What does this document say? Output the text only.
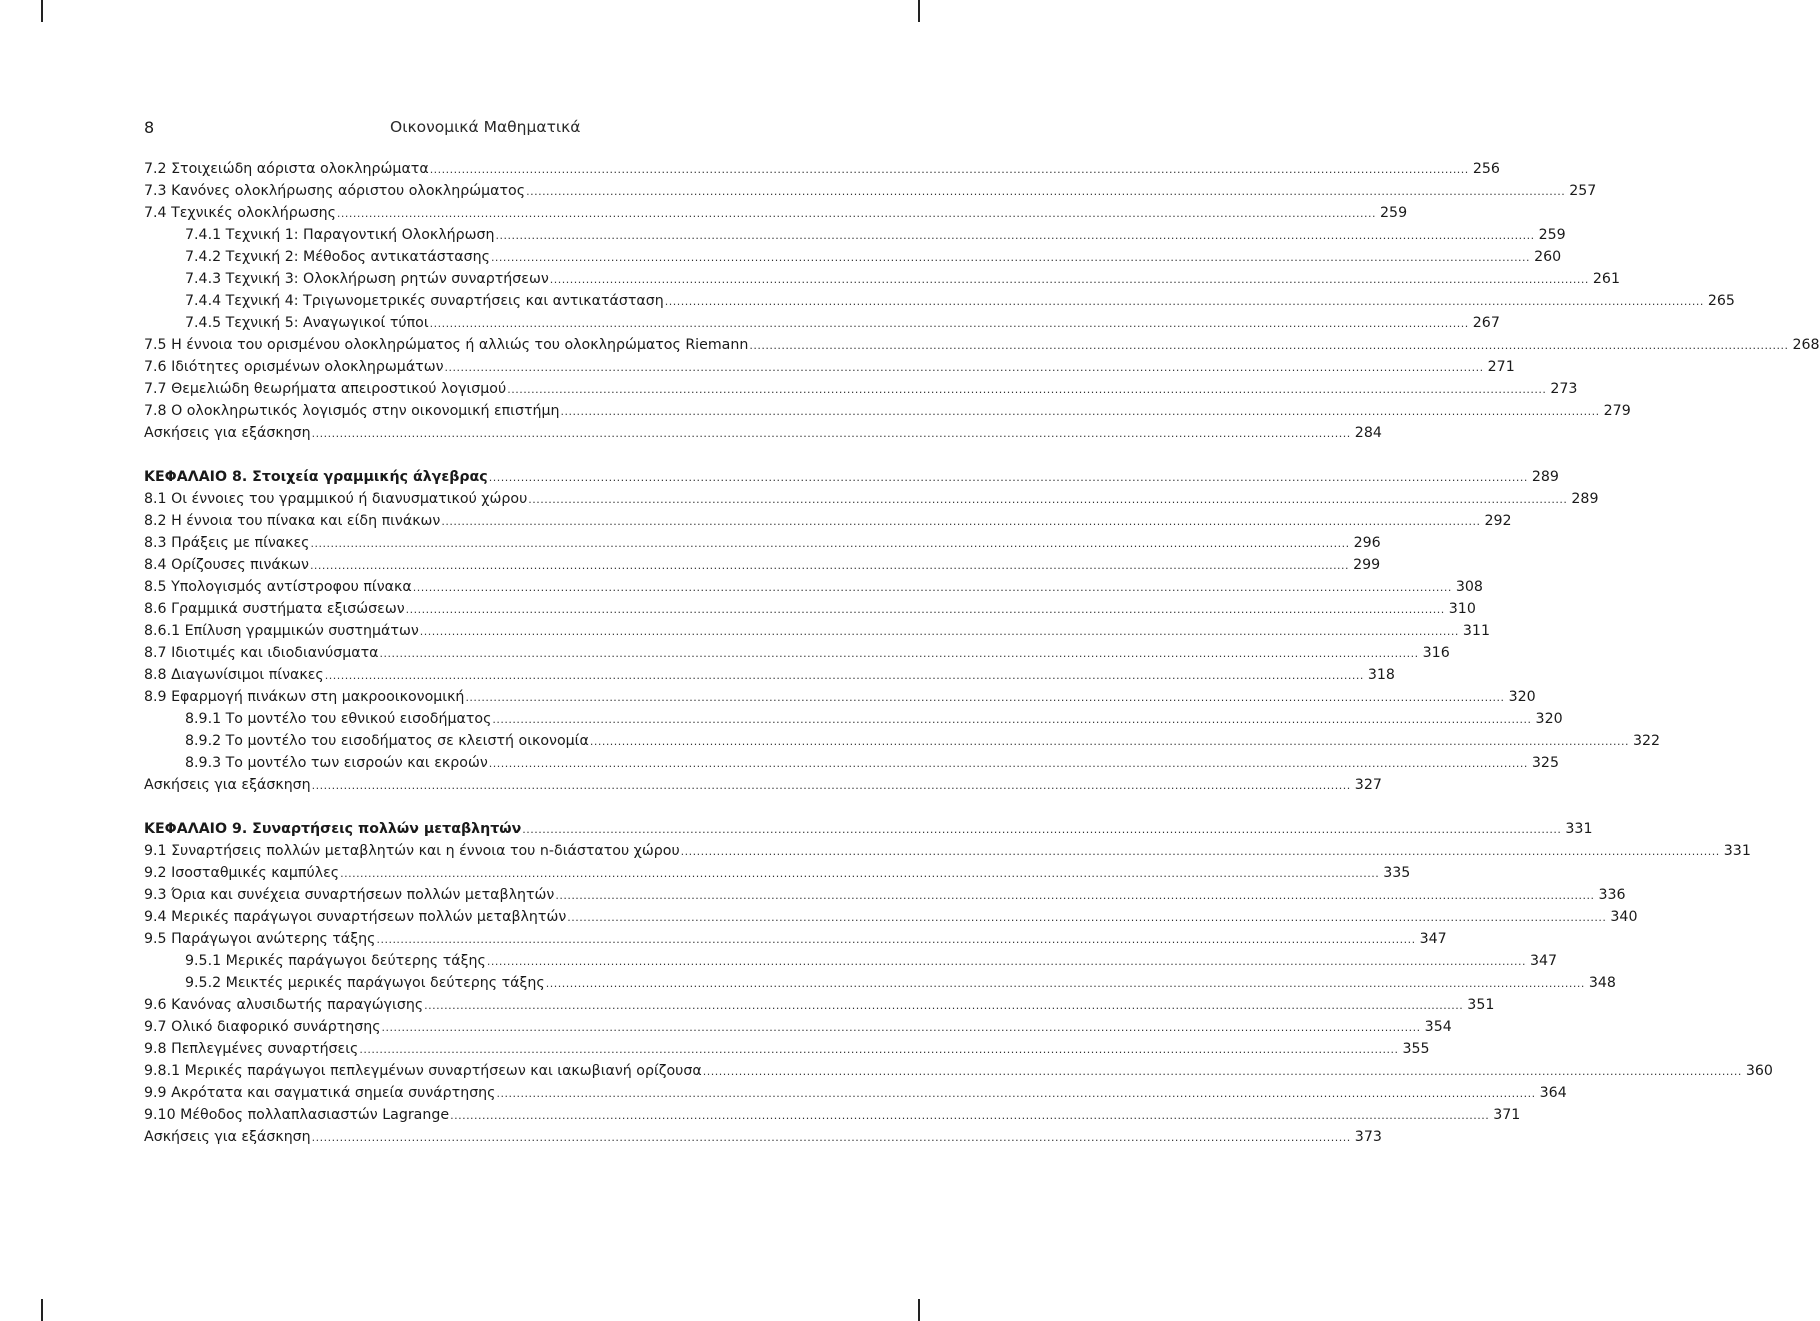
8	Οικονομικά Μαθηματικά
7.2 Στοιχειώδη αόριστα ολοκληρώματα .................................................................................................................................................................................................................................................................... 256
7.3 Κανόνες ολοκλήρωσης αόριστου ολοκληρώματος .................................................................................................................................................................................................................................................................... 257
7.4 Τεχνικές ολοκλήρωσης .................................................................................................................................................................................................................................................................... 259
7.4.1 Τεχνική 1: Παραγοντική Ολοκλήρωση .................................................................................................................................................................................................................................................................... 259
7.4.2 Τεχνική 2: Μέθοδος αντικατάστασης .................................................................................................................................................................................................................................................................... 260
7.4.3 Τεχνική 3: Ολοκλήρωση ρητών συναρτήσεων .................................................................................................................................................................................................................................................................... 261
7.4.4 Τεχνική 4: Τριγωνομετρικές συναρτήσεις και αντικατάσταση .................................................................................................................................................................................................................................................................... 265
7.4.5 Τεχνική 5: Αναγωγικοί τύποι .................................................................................................................................................................................................................................................................... 267
7.5 Η έννοια του ορισμένου ολοκληρώματος ή αλλιώς του ολοκληρώματος Riemann .................................................................................................................................................................................................................................................................... 268
7.6 Ιδιότητες ορισμένων ολοκληρωμάτων .................................................................................................................................................................................................................................................................... 271
7.7 Θεμελιώδη θεωρήματα απειροστικού λογισμού .................................................................................................................................................................................................................................................................... 273
7.8 Ο ολοκληρωτικός λογισμός στην οικονομική επιστήμη .................................................................................................................................................................................................................................................................... 279
Ασκήσεις για εξάσκηση .................................................................................................................................................................................................................................................................... 284
ΚΕΦΑΛΑΙΟ 8. Στοιχεία γραμμικής άλγεβρας .................................................................................................................................................................................................................................................................... 289
8.1 Οι έννοιες του γραμμικού ή διανυσματικού χώρου .................................................................................................................................................................................................................................................................... 289
8.2 Η έννοια του πίνακα και είδη πινάκων .................................................................................................................................................................................................................................................................... 292
8.3 Πράξεις με πίνακες .................................................................................................................................................................................................................................................................... 296
8.4 Ορίζουσες πινάκων .................................................................................................................................................................................................................................................................... 299
8.5 Υπολογισμός αντίστροφου πίνακα .................................................................................................................................................................................................................................................................... 308
8.6 Γραμμικά συστήματα εξισώσεων .................................................................................................................................................................................................................................................................... 310
8.6.1 Επίλυση γραμμικών συστημάτων .................................................................................................................................................................................................................................................................... 311
8.7 Ιδιοτιμές και ιδιοδιανύσματα .................................................................................................................................................................................................................................................................... 316
8.8 Διαγωνίσιμοι πίνακες .................................................................................................................................................................................................................................................................... 318
8.9 Εφαρμογή πινάκων στη μακροοικονομική .................................................................................................................................................................................................................................................................... 320
8.9.1 Το μοντέλο του εθνικού εισοδήματος .................................................................................................................................................................................................................................................................... 320
8.9.2 Το μοντέλο του εισοδήματος σε κλειστή οικονομία .................................................................................................................................................................................................................................................................... 322
8.9.3 Το μοντέλο των εισροών και εκροών .................................................................................................................................................................................................................................................................... 325
Ασκήσεις για εξάσκηση .................................................................................................................................................................................................................................................................... 327
ΚΕΦΑΛΑΙΟ 9. Συναρτήσεις πολλών μεταβλητών .................................................................................................................................................................................................................................................................... 331
9.1 Συναρτήσεις πολλών μεταβλητών και η έννοια του n-διάστατου χώρου .................................................................................................................................................................................................................................................................... 331
9.2 Ισοσταθμικές καμπύλες .................................................................................................................................................................................................................................................................... 335
9.3 Όρια και συνέχεια συναρτήσεων πολλών μεταβλητών .................................................................................................................................................................................................................................................................... 336
9.4 Μερικές παράγωγοι συναρτήσεων πολλών μεταβλητών .................................................................................................................................................................................................................................................................... 340
9.5 Παράγωγοι ανώτερης τάξης .................................................................................................................................................................................................................................................................... 347
9.5.1 Μερικές παράγωγοι δεύτερης τάξης .................................................................................................................................................................................................................................................................... 347
9.5.2 Μεικτές μερικές παράγωγοι δεύτερης τάξης .................................................................................................................................................................................................................................................................... 348
9.6 Κανόνας αλυσιδωτής παραγώγισης .................................................................................................................................................................................................................................................................... 351
9.7 Ολικό διαφορικό συνάρτησης .................................................................................................................................................................................................................................................................... 354
9.8 Πεπλεγμένες συναρτήσεις .................................................................................................................................................................................................................................................................... 355
9.8.1 Μερικές παράγωγοι πεπλεγμένων συναρτήσεων και ιακωβιανή ορίζουσα .................................................................................................................................................................................................................................................................... 360
9.9 Ακρότατα και σαγματικά σημεία συνάρτησης .................................................................................................................................................................................................................................................................... 364
9.10 Μέθοδος πολλαπλασιαστών Lagrange .................................................................................................................................................................................................................................................................... 371
Ασκήσεις για εξάσκηση .................................................................................................................................................................................................................................................................... 373
